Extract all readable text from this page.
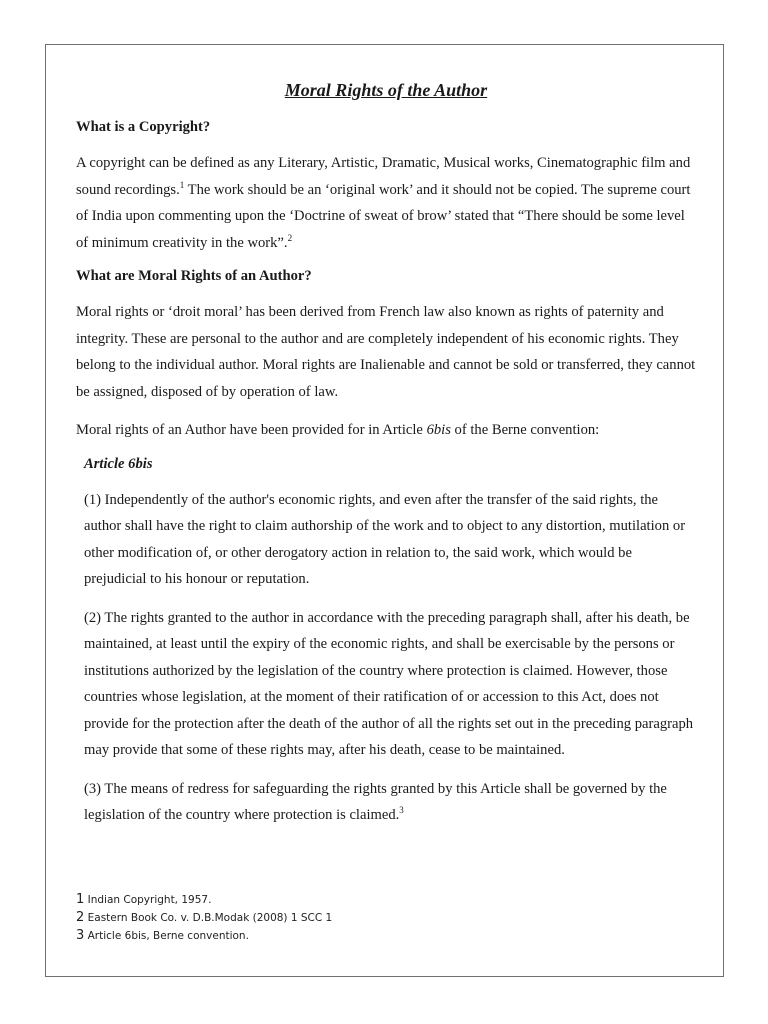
Moral Rights of the Author
What is a Copyright?
A copyright can be defined as any Literary, Artistic, Dramatic, Musical works, Cinematographic film and sound recordings.$^1$ The work should be an ‘original work’ and it should not be copied. The supreme court of India upon commenting upon the ‘Doctrine of sweat of brow’ stated that “There should be some level of minimum creativity in the work”.$^2$
What are Moral Rights of an Author?
Moral rights or ‘droit moral’ has been derived from French law also known as rights of paternity and integrity. These are personal to the author and are completely independent of his economic rights. They belong to the individual author. Moral rights are Inalienable and cannot be sold or transferred, they cannot be assigned, disposed of by operation of law.
Moral rights of an Author have been provided for in Article 6bis of the Berne convention:
Article 6bis
(1) Independently of the author's economic rights, and even after the transfer of the said rights, the author shall have the right to claim authorship of the work and to object to any distortion, mutilation or other modification of, or other derogatory action in relation to, the said work, which would be prejudicial to his honour or reputation.
(2) The rights granted to the author in accordance with the preceding paragraph shall, after his death, be maintained, at least until the expiry of the economic rights, and shall be exercisable by the persons or institutions authorized by the legislation of the country where protection is claimed. However, those countries whose legislation, at the moment of their ratification of or accession to this Act, does not provide for the protection after the death of the author of all the rights set out in the preceding paragraph may provide that some of these rights may, after his death, cease to be maintained.
(3) The means of redress for safeguarding the rights granted by this Article shall be governed by the legislation of the country where protection is claimed.$^3$
1 Indian Copyright, 1957.
2 Eastern Book Co. v. D.B.Modak (2008) 1 SCC 1
3 Article 6bis, Berne convention.
